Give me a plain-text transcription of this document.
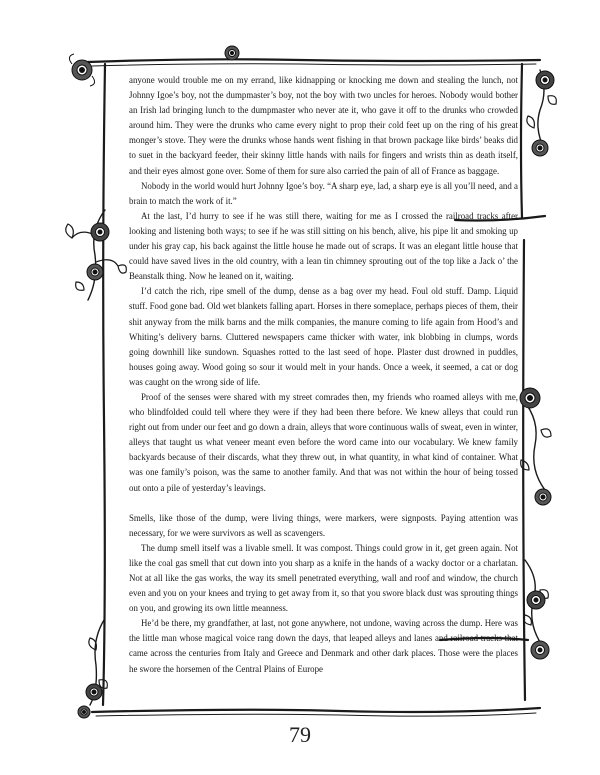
anyone would trouble me on my errand, like kidnapping or knocking me down and stealing the lunch, not Johnny Igoe’s boy, not the dumpmaster’s boy, not the boy with two uncles for heroes. Nobody would bother an Irish lad bringing lunch to the dumpmaster who never ate it, who gave it off to the drunks who crowded around him. They were the drunks who came every night to prop their cold feet up on the ring of his great monger’s stove. They were the drunks whose hands went fishing in that brown package like birds’ beaks did to suet in the backyard feeder, their skinny little hands with nails for fingers and wrists thin as death itself, and their eyes almost gone over. Some of them for sure also carried the pain of all of France as baggage.

Nobody in the world would hurt Johnny Igoe’s boy. “A sharp eye, lad, a sharp eye is all you’ll need, and a brain to match the work of it.”

At the last, I’d hurry to see if he was still there, waiting for me as I crossed the railroad tracks after looking and listening both ways; to see if he was still sitting on his bench, alive, his pipe lit and smoking up under his gray cap, his back against the little house he made out of scraps. It was an elegant little house that could have saved lives in the old country, with a lean tin chimney sprouting out of the top like a Jack o’ the Beanstalk thing. Now he leaned on it, waiting.

I’d catch the rich, ripe smell of the dump, dense as a bag over my head. Foul old stuff. Damp. Liquid stuff. Food gone bad. Old wet blankets falling apart. Horses in there someplace, perhaps pieces of them, their shit anyway from the milk barns and the milk companies, the manure coming to life again from Hood’s and Whiting’s delivery barns. Cluttered newspapers came thicker with water, ink blobbing in clumps, words going downhill like sundown. Squashes rotted to the last seed of hope. Plaster dust drowned in puddles, houses going away. Wood going so sour it would melt in your hands. Once a week, it seemed, a cat or dog was caught on the wrong side of life.

Proof of the senses were shared with my street comrades then, my friends who roamed alleys with me, who blindfolded could tell where they were if they had been there before. We knew alleys that could run right out from under our feet and go down a drain, alleys that wore continuous walls of sweat, even in winter, alleys that taught us what veneer meant even before the word came into our vocabulary. We knew family backyards because of their discards, what they threw out, in what quantity, in what kind of container. What was one family’s poison, was the same to another family. And that was not within the hour of being tossed out onto a pile of yesterday’s leavings.

Smells, like those of the dump, were living things, were markers, were signposts. Paying attention was necessary, for we were survivors as well as scavengers.

The dump smell itself was a livable smell. It was compost. Things could grow in it, get green again. Not like the coal gas smell that cut down into you sharp as a knife in the hands of a wacky doctor or a charlatan. Not at all like the gas works, the way its smell penetrated everything, wall and roof and window, the church even and you on your knees and trying to get away from it, so that you swore black dust was sprouting things on you, and growing its own little meanness.

He’d be there, my grandfather, at last, not gone anywhere, not undone, waving across the dump. Here was the little man whose magical voice rang down the days, that leaped alleys and lanes and railroad tracks that came across the centuries from Italy and Greece and Denmark and other dark places. Those were the places he swore the horsemen of the Central Plains of Europe

79
